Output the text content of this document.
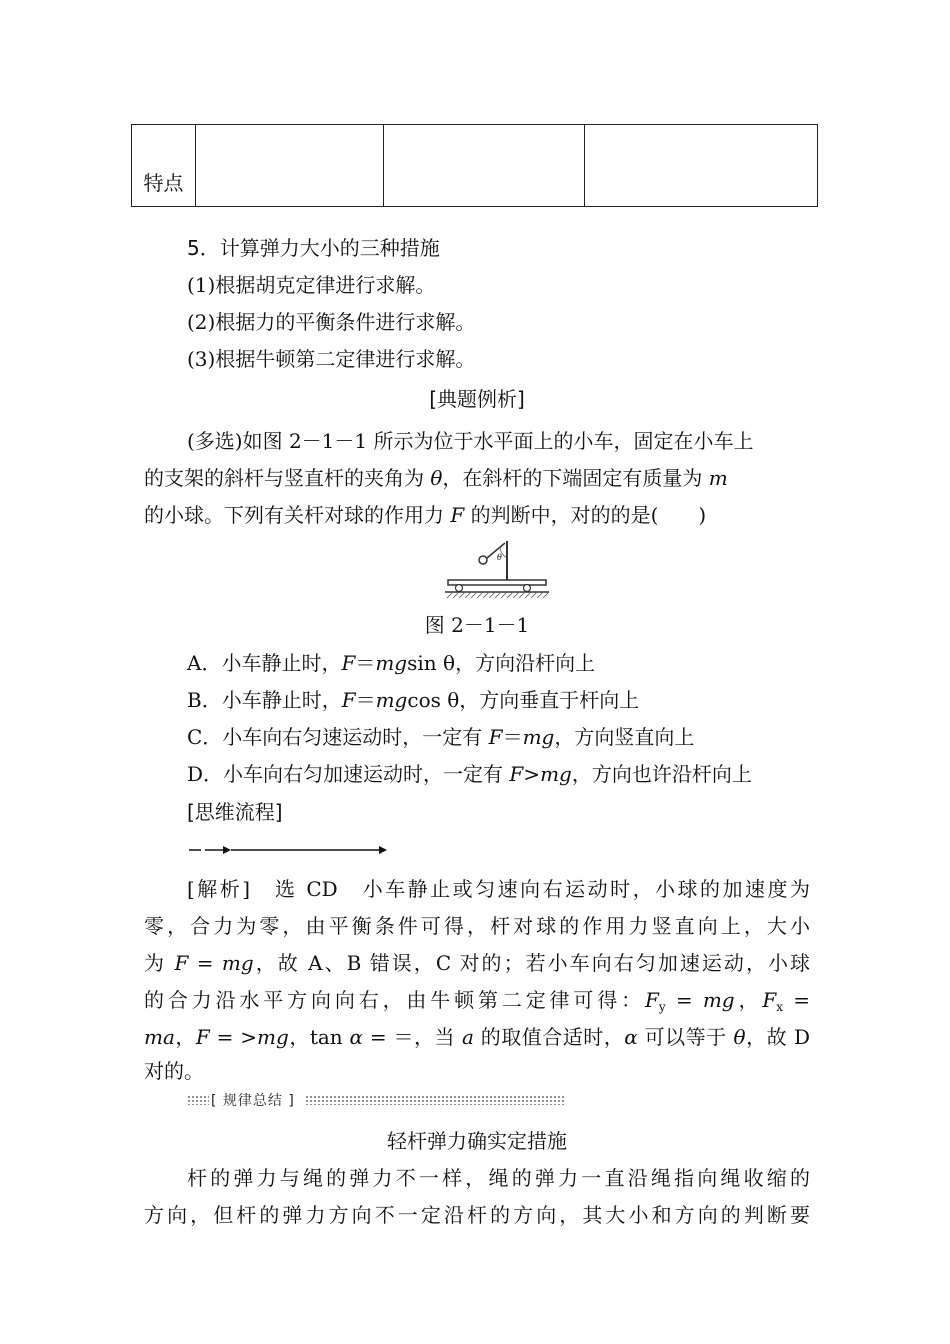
特点			
5．计算弹力大小的三种措施
(1)根据胡克定律进行求解。
(2)根据力的平衡条件进行求解。
(3)根据牛顿第二定律进行求解。
[典题例析]
(多选)如图 2－1－1 所示为位于水平面上的小车，固定在小车上
的支架的斜杆与竖直杆的夹角为 θ，在斜杆的下端固定有质量为 m
的小球。下列有关杆对球的作用力 F 的判断中，对的的是(　　)
θ
图 2－1－1
A．小车静止时，F＝mgsin θ，方向沿杆向上
B．小车静止时，F＝mgcos θ，方向垂直于杆向上
C．小车向右匀速运动时，一定有 F＝mg，方向竖直向上
D．小车向右匀加速运动时，一定有 F>mg，方向也许沿杆向上
[思维流程]
[解析]　选 CD　小车静止或匀速向右运动时，小球的加速度为
零，合力为零，由平衡条件可得，杆对球的作用力竖直向上，大小
为 F = mg，故 A、B 错误，C 对的；若小车向右匀加速运动，小球
的合力沿水平方向向右，由牛顿第二定律可得：$F_y$ = mg，$F_x$ =
ma，F = >mg，tan α = ＝，当 a 的取值合适时，α 可以等于 θ，故 D
对的。
[ 规律总结 ]
轻杆弹力确实定措施
杆的弹力与绳的弹力不一样，绳的弹力一直沿绳指向绳收缩的
方向，但杆的弹力方向不一定沿杆的方向，其大小和方向的判断要
